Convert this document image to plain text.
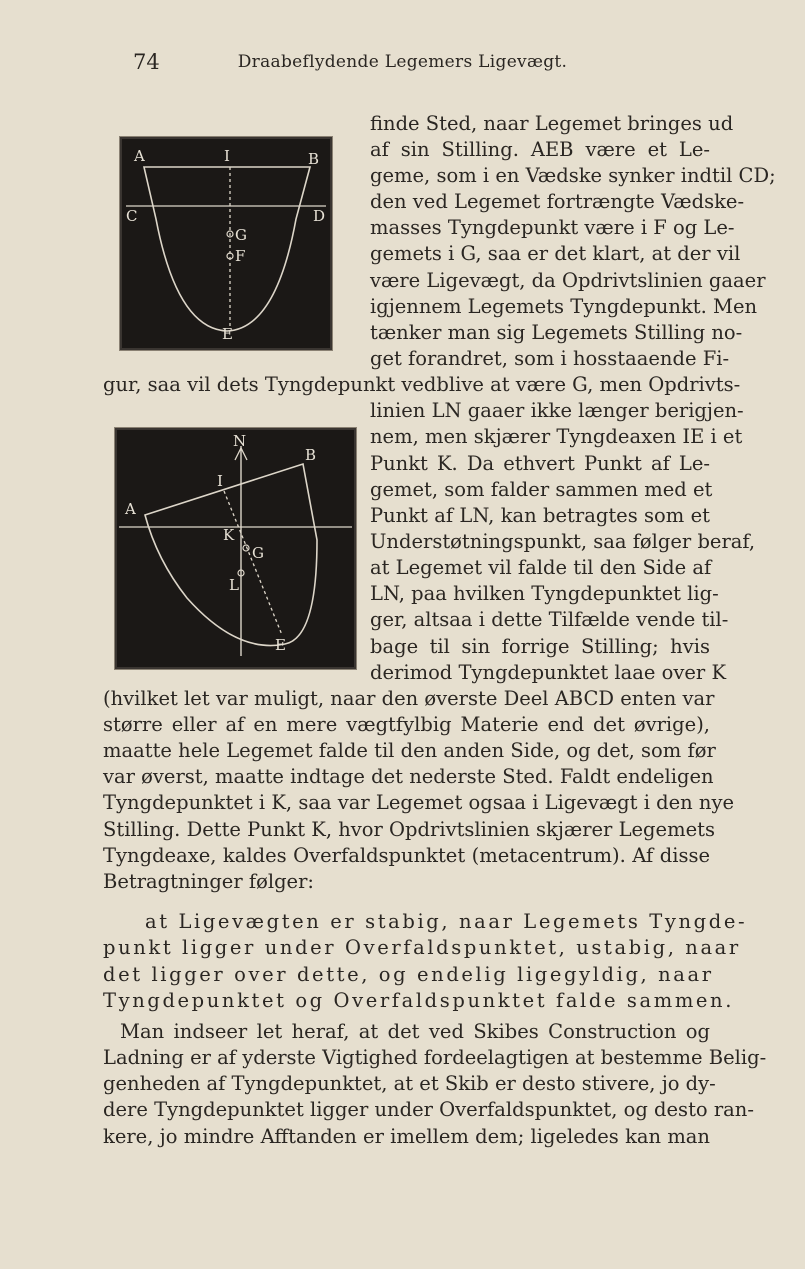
74	Draabeflydende Legemers Ligevægt.
A	I	B
C	D
G
F
E
N
B
I
A
K
G
L
E
finde Sted, naar Legemet bringes ud
af sin Stilling. AEB være et Le-
geme, som i en Vædske synker indtil CD;
den ved Legemet fortrængte Vædske-
masses Tyngdepunkt være i F og Le-
gemets i G, saa er det klart, at der vil
være Ligevægt, da Opdrivtslinien gaaer
igjennem Legemets Tyngdepunkt. Men
tænker man sig Legemets Stilling no-
get forandret, som i hosstaaende Fi-
gur, saa vil dets Tyngdepunkt vedblive at være G, men Opdrivts-
linien LN gaaer ikke længer berigjen-
nem, men skjærer Tyngdeaxen IE i et
Punkt K. Da ethvert Punkt af Le-
gemet, som falder sammen med et
Punkt af LN, kan betragtes som et
Understøtningspunkt, saa følger beraf,
at Legemet vil falde til den Side af
LN, paa hvilken Tyngdepunktet lig-
ger, altsaa i dette Tilfælde vende til-
bage til sin forrige Stilling; hvis
derimod Tyngdepunktet laae over K
(hvilket let var muligt, naar den øverste Deel ABCD enten var
større eller af en mere vægtfylbig Materie end det øvrige),
maatte hele Legemet falde til den anden Side, og det, som før
var øverst, maatte indtage det nederste Sted. Faldt endeligen
Tyngdepunktet i K, saa var Legemet ogsaa i Ligevægt i den nye
Stilling. Dette Punkt K, hvor Opdrivtslinien skjærer Legemets
Tyngdeaxe, kaldes Overfaldspunktet (metacentrum). Af disse
Betragtninger følger:
at Ligevægten er stabig, naar Legemets Tyngde-
punkt ligger under Overfaldspunktet, ustabig, naar
det ligger over dette, og endelig ligegyldig, naar
Tyngdepunktet og Overfaldspunktet falde sammen.
Man indseer let heraf, at det ved Skibes Construction og
Ladning er af yderste Vigtighed fordeelagtigen at bestemme Belig-
genheden af Tyngdepunktet, at et Skib er desto stivere, jo dy-
dere Tyngdepunktet ligger under Overfaldspunktet, og desto ran-
kere, jo mindre Afftanden er imellem dem; ligeledes kan man
